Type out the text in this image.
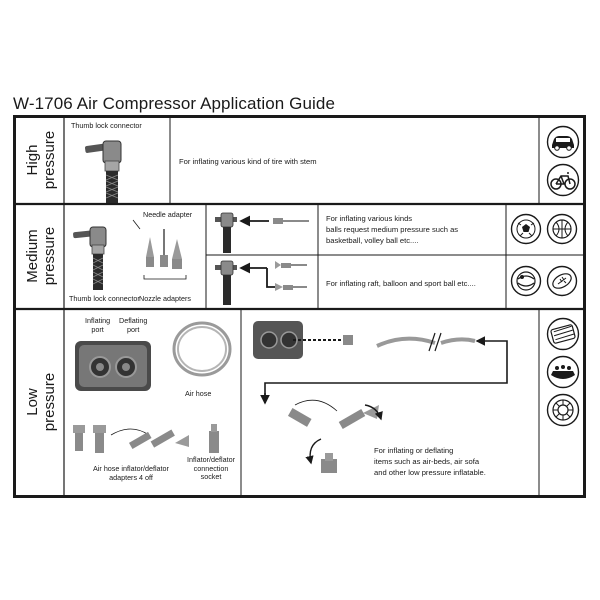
W-1706 Air Compressor Application Guide
High pressure
Medium pressure
Low pressure
Thumb lock connector
For inflating various kind of tire with stem
Needle adapter
Thumb lock connector Nozzle adapters
For inflating various kinds
balls request medium pressure such as
basketball, volley ball etc....
For inflating raft, balloon and sport ball etc....
Inflating
port
Deflating
port
Air hose
Air hose inflator/deflator
adapters 4 off
Inflator/deflator
connection
socket
For inflating or deflating
items such as air-beds, air sofa
and other low pressure inflatable.
